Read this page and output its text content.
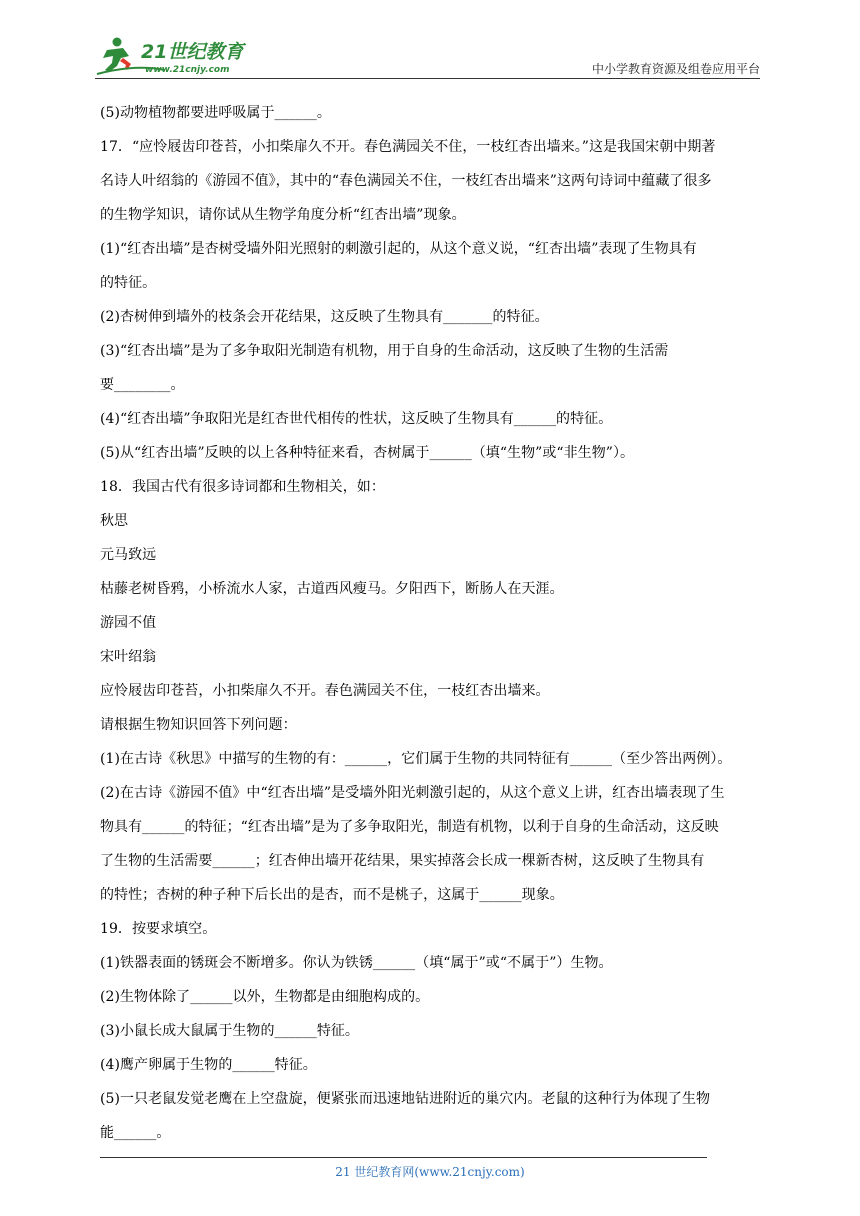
21世纪教育
www.21cnjy.com	中小学教育资源及组卷应用平台
(5)动物植物都要进呼吸属于______。
17．“应怜屐齿印苍苔，小扣柴扉久不开。春色满园关不住，一枝红杏出墙来。”这是我国宋朝中期著
名诗人叶绍翁的《游园不值》，其中的“春色满园关不住，一枝红杏出墙来”这两句诗词中蕴藏了很多
的生物学知识，请你试从生物学角度分析“红杏出墙”现象。
(1)“红杏出墙”是杏树受墙外阳光照射的刺激引起的，从这个意义说，“红杏出墙”表现了生物具有
的特征。
(2)杏树伸到墙外的枝条会开花结果，这反映了生物具有_______的特征。
(3)“红杏出墙”是为了多争取阳光制造有机物，用于自身的生命活动，这反映了生物的生活需
要________。
(4)“红杏出墙”争取阳光是红杏世代相传的性状，这反映了生物具有______的特征。
(5)从“红杏出墙”反映的以上各种特征来看，杏树属于______（填“生物”或“非生物”）。
18．我国古代有很多诗词都和生物相关，如：
秋思
元马致远
枯藤老树昏鸦，小桥流水人家，古道西风瘦马。夕阳西下，断肠人在天涯。
游园不值
宋叶绍翁
应怜屐齿印苍苔，小扣柴扉久不开。春色满园关不住，一枝红杏出墙来。
请根据生物知识回答下列问题：
(1)在古诗《秋思》中描写的生物的有：______，它们属于生物的共同特征有______（至少答出两例）。
(2)在古诗《游园不值》中“红杏出墙”是受墙外阳光刺激引起的，从这个意义上讲，红杏出墙表现了生
物具有______的特征；“红杏出墙”是为了多争取阳光，制造有机物，以利于自身的生命活动，这反映
了生物的生活需要______；红杏伸出墙开花结果，果实掉落会长成一棵新杏树，这反映了生物具有
的特性；杏树的种子种下后长出的是杏，而不是桃子，这属于______现象。
19．按要求填空。
(1)铁器表面的锈斑会不断增多。你认为铁锈______（填“属于”或“不属于”）生物。
(2)生物体除了______以外，生物都是由细胞构成的。
(3)小鼠长成大鼠属于生物的______特征。
(4)鹰产卵属于生物的______特征。
(5)一只老鼠发觉老鹰在上空盘旋，便紧张而迅速地钻进附近的巢穴内。老鼠的这种行为体现了生物
能______。
21 世纪教育网(www.21cnjy.com)
